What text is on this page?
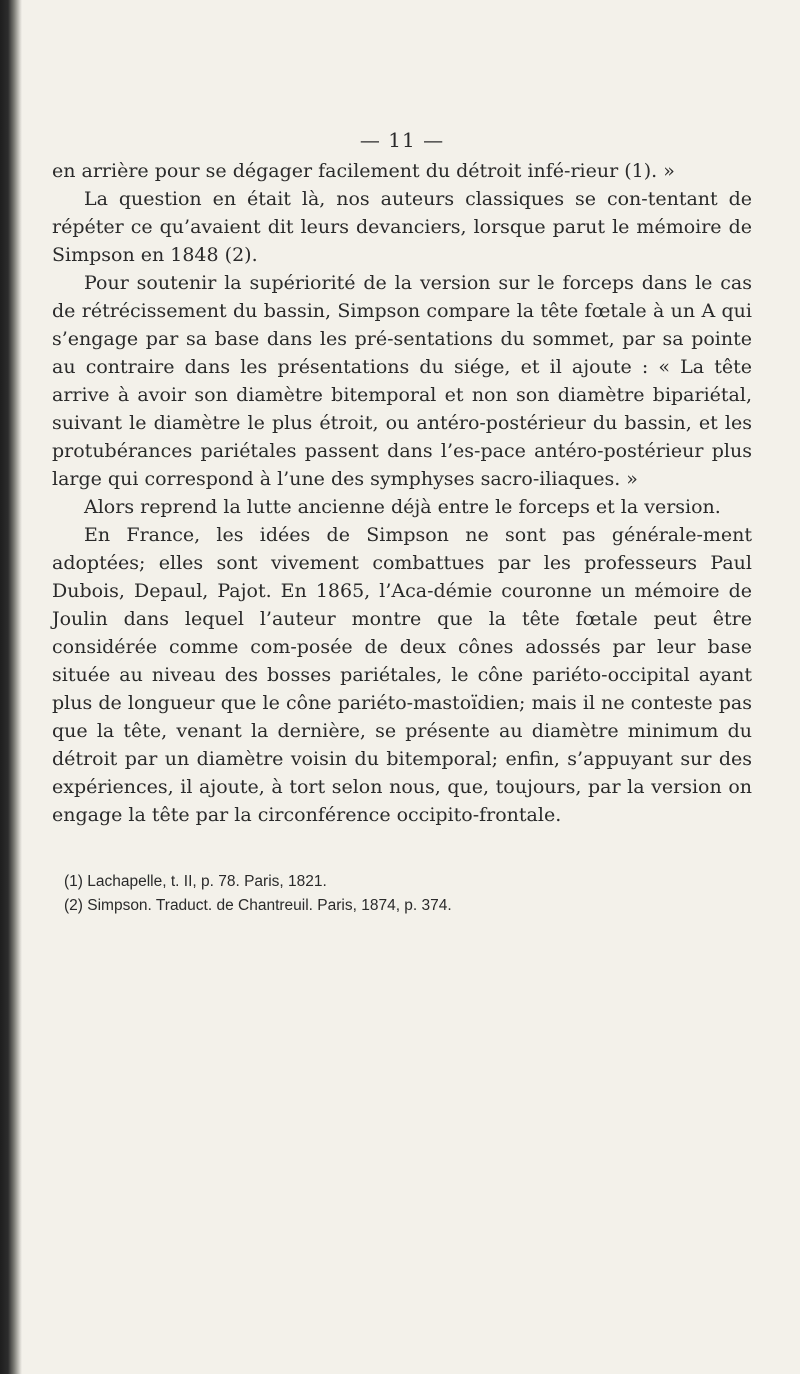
— 11 —

en arrière pour se dégager facilement du détroit infé-rieur (1). »

La question en était là, nos auteurs classiques se con-tentant de répéter ce qu’avaient dit leurs devanciers, lorsque parut le mémoire de Simpson en 1848 (2).

Pour soutenir la supériorité de la version sur le forceps dans le cas de rétrécissement du bassin, Simpson compare la tête fœtale à un A qui s’engage par sa base dans les pré-sentations du sommet, par sa pointe au contraire dans les présentations du siége, et il ajoute : « La tête arrive à avoir son diamètre bitemporal et non son diamètre bipariétal, suivant le diamètre le plus étroit, ou antéro-postérieur du bassin, et les protubérances pariétales passent dans l’es-pace antéro-postérieur plus large qui correspond à l’une des symphyses sacro-iliaques. »

Alors reprend la lutte ancienne déjà entre le forceps et la version.

En France, les idées de Simpson ne sont pas générale-ment adoptées; elles sont vivement combattues par les professeurs Paul Dubois, Depaul, Pajot. En 1865, l’Aca-démie couronne un mémoire de Joulin dans lequel l’auteur montre que la tête fœtale peut être considérée comme com-posée de deux cônes adossés par leur base située au niveau des bosses pariétales, le cône pariéto-occipital ayant plus de longueur que le cône pariéto-mastoïdien; mais il ne conteste pas que la tête, venant la dernière, se présente au diamètre minimum du détroit par un diamètre voisin du bitemporal; enfin, s’appuyant sur des expériences, il ajoute, à tort selon nous, que, toujours, par la version on engage la tête par la circonférence occipito-frontale.

(1) Lachapelle, t. II, p. 78. Paris, 1821.

(2) Simpson. Traduct. de Chantreuil. Paris, 1874, p. 374.
